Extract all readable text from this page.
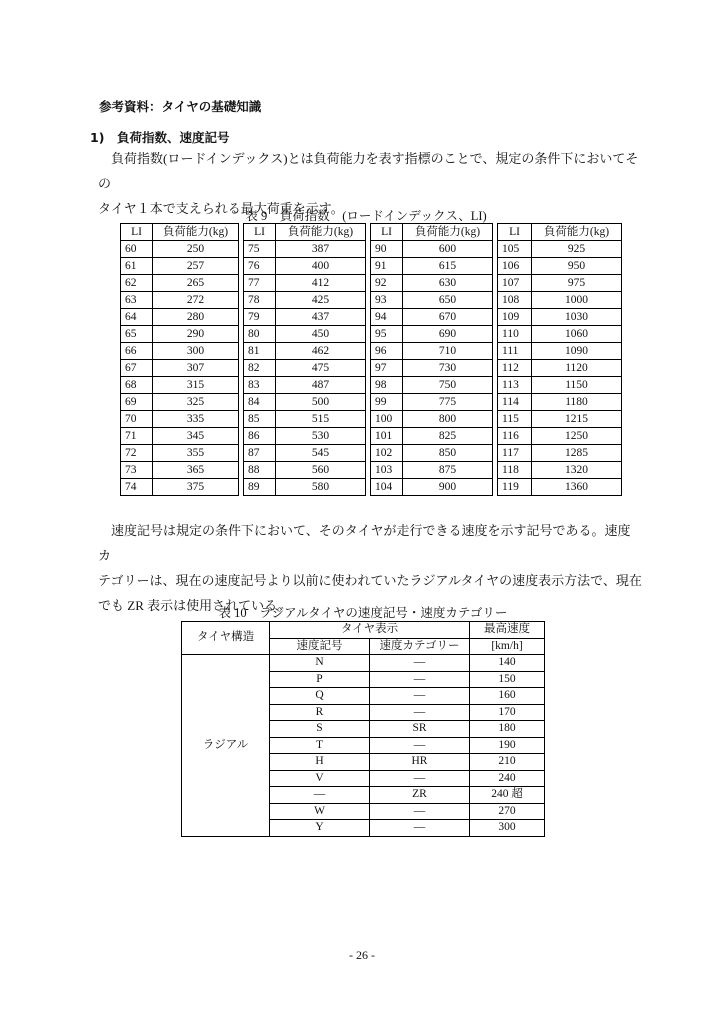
参考資料：タイヤの基礎知識
1) 負荷指数、速度記号
負荷指数(ロードインデックス)とは負荷能力を表す指標のことで、規定の条件下においてその
タイヤ１本で支えられる最大荷重を示す。
表 9　負荷指数　(ロードインデックス、LI)
LI	負荷能力(kg)
60	250
61	257
62	265
63	272
64	280
65	290
66	300
67	307
68	315
69	325
70	335
71	345
72	355
73	365
74	375
LI	負荷能力(kg)
75	387
76	400
77	412
78	425
79	437
80	450
81	462
82	475
83	487
84	500
85	515
86	530
87	545
88	560
89	580
LI	負荷能力(kg)
90	600
91	615
92	630
93	650
94	670
95	690
96	710
97	730
98	750
99	775
100	800
101	825
102	850
103	875
104	900
LI	負荷能力(kg)
105	925
106	950
107	975
108	1000
109	1030
110	1060
111	1090
112	1120
113	1150
114	1180
115	1215
116	1250
117	1285
118	1320
119	1360
速度記号は規定の条件下において、そのタイヤが走行できる速度を示す記号である。速度カ
テゴリーは、現在の速度記号より以前に使われていたラジアルタイヤの速度表示方法で、現在
でも ZR 表示は使用されている。
表 10　ラジアルタイヤの速度記号・速度カテゴリー
タイヤ構造	タイヤ表示		最高速度
	速度記号	速度カテゴリー	[km/h]
ラジアル	N	—	140
	P	—	150
	Q	—	160
	R	—	170
	S	SR	180
	T	—	190
	H	HR	210
	V	—	240
	—	ZR	240 超
	W	—	270
	Y	—	300
- 26 -
